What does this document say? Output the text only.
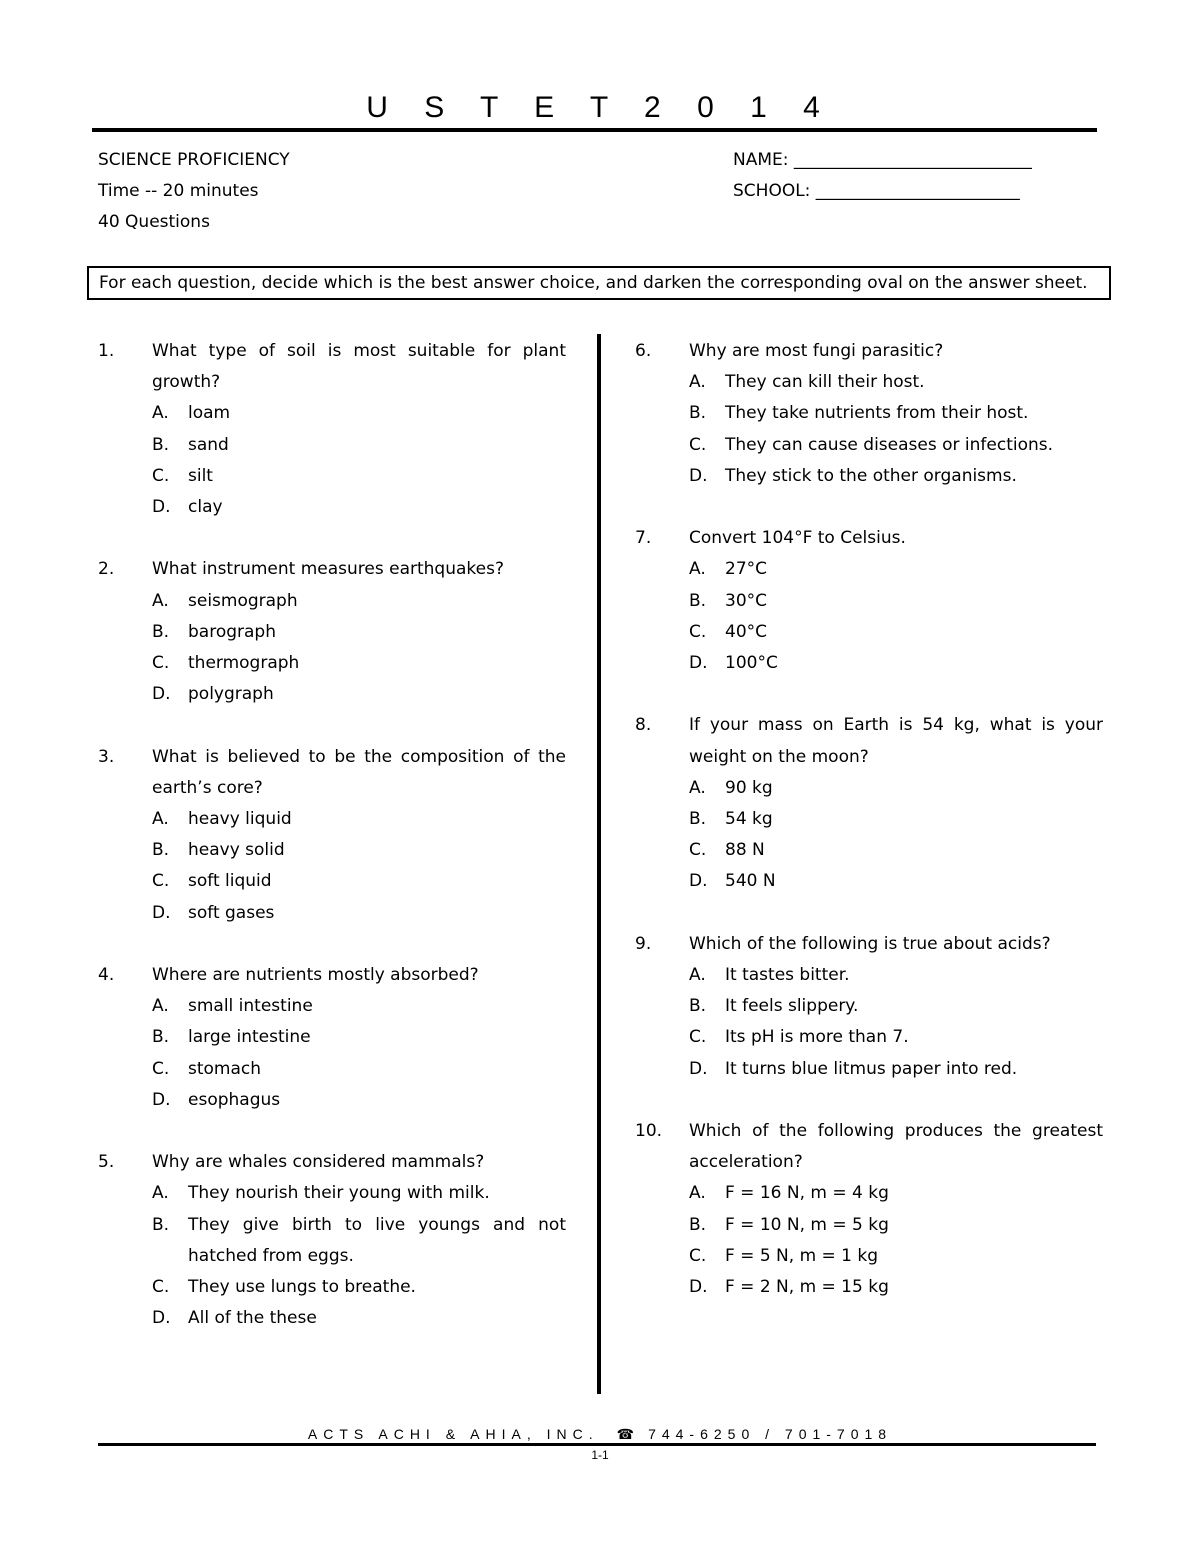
U S T E T 2 0 1 4
SCIENCE PROFICIENCY
Time -- 20 minutes
40 Questions
NAME: ____________________________
SCHOOL: ________________________
For each question, decide which is the best answer choice, and darken the corresponding oval on the answer sheet.
1.	What type of soil is most suitable for plant growth?
A.	loam
B.	sand
C.	silt
D.	clay
2.	What instrument measures earthquakes?
A.	seismograph
B.	barograph
C.	thermograph
D.	polygraph
3.	What is believed to be the composition of the earth’s core?
A.	heavy liquid
B.	heavy solid
C.	soft liquid
D.	soft gases
4.	Where are nutrients mostly absorbed?
A.	small intestine
B.	large intestine
C.	stomach
D.	esophagus
5.	Why are whales considered mammals?
A.	They nourish their young with milk.
B.	They give birth to live youngs and not hatched from eggs.
C.	They use lungs to breathe.
D.	All of the these
6.	Why are most fungi parasitic?
A.	They can kill their host.
B.	They take nutrients from their host.
C.	They can cause diseases or infections.
D.	They stick to the other organisms.
7.	Convert 104°F to Celsius.
A.	27°C
B.	30°C
C.	40°C
D.	100°C
8.	If your mass on Earth is 54 kg, what is your weight on the moon?
A.	90 kg
B.	54 kg
C.	88 N
D.	540 N
9.	Which of the following is true about acids?
A.	It tastes bitter.
B.	It feels slippery.
C.	Its pH is more than 7.
D.	It turns blue litmus paper into red.
10.	Which of the following produces the greatest acceleration?
A.	F = 16 N, m = 4 kg
B.	F = 10 N, m = 5 kg
C.	F = 5 N, m = 1 kg
D.	F = 2 N, m = 15 kg
ACTS ACHI & AHIA, INC. ☎ 744-6250 / 701-7018
1-1
